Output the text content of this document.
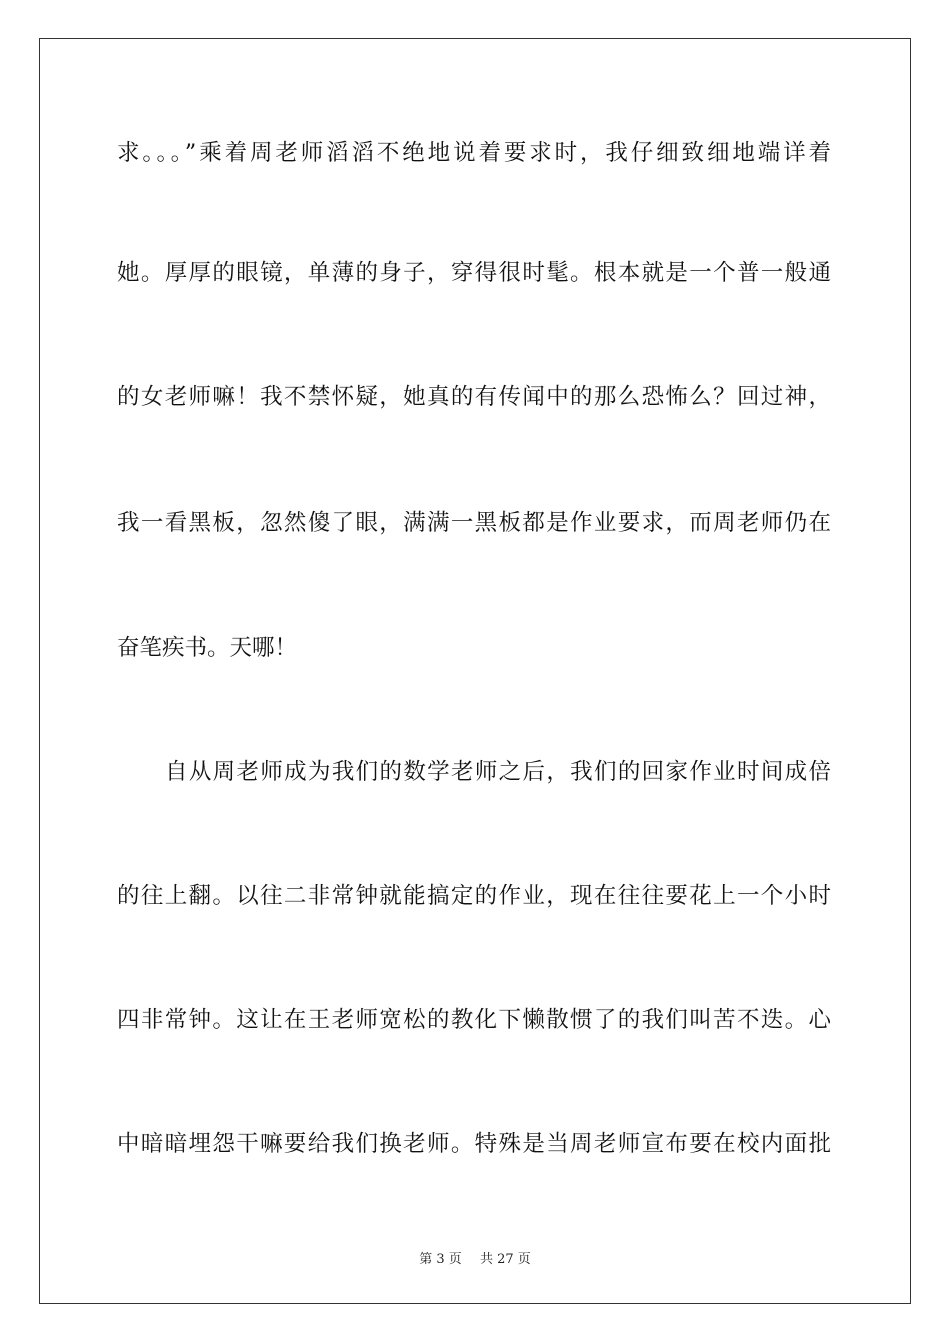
求。。。”乘着周老师滔滔不绝地说着要求时，我仔细致细地端详着
她。厚厚的眼镜，单薄的身子，穿得很时髦。根本就是一个普一般通
的女老师嘛！我不禁怀疑，她真的有传闻中的那么恐怖么？回过神，
我一看黑板，忽然傻了眼，满满一黑板都是作业要求，而周老师仍在
奋笔疾书。天哪！
自从周老师成为我们的数学老师之后，我们的回家作业时间成倍
的往上翻。以往二非常钟就能搞定的作业，现在往往要花上一个小时
四非常钟。这让在王老师宽松的教化下懒散惯了的我们叫苦不迭。心
中暗暗埋怨干嘛要给我们换老师。特殊是当周老师宣布要在校内面批
第 3 页 共 27 页
